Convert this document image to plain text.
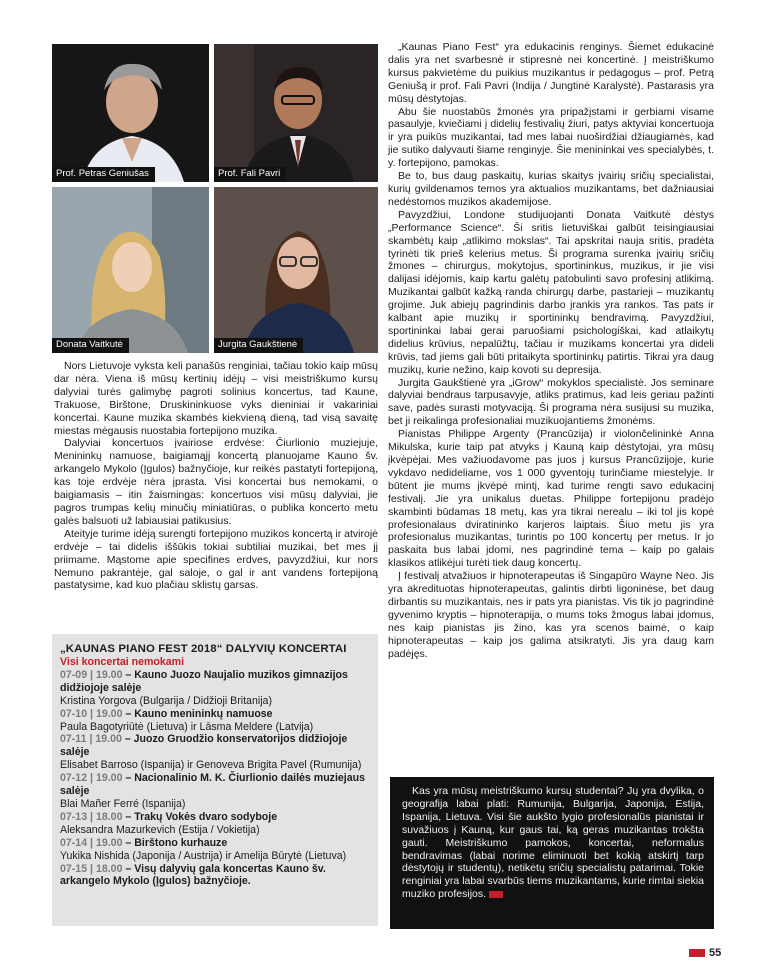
Prof. Petras Geniušas	Prof. Fali Pavri
Donata Vaitkutė	Jurgita Gaukštienė

Nors Lietuvoje vyksta keli panašūs renginiai, tačiau tokio kaip mūsų dar nėra. Viena iš mūsų kertinių idėjų – visi meistriškumo kursų dalyviai turės galimybę pagroti solinius koncertus, tad Kaune, Trakuose, Birštone, Druskininkuose vyks dieniniai ir vakariniai koncertai. Kaune muzika skambės kiekvieną dieną, tad visą savaitę miestas mėgausis nuostabia fortepijono muzika.

Dalyviai koncertuos įvairiose erdvėse: Čiurlionio muziejuje, Menininkų namuose, baigiamąjį koncertą planuojame Kauno šv. arkangelo Mykolo (Įgulos) bažnyčioje, kur reikės pastatyti fortepijoną, kas toje erdvėje nėra įprasta. Visi koncertai bus nemokami, o baigiamasis – itin žaismingas: koncertuos visi mūsų dalyviai, jie pagros trumpas kelių minučių miniatiūras, o publika koncerto metu galės balsuoti už labiausiai patikusius.

Ateityje turime idėją surengti fortepijono muzikos koncertą ir atvirojė erdvėje – tai didelis iššūkis tokiai subtiliai muzikai, bet mes jį priimame. Mąstome apie specifines erdves, pavyzdžiui, kur nors Nemuno pakrantėje, gal saloje, o gal ir ant vandens fortepijoną pastatysime, kad kuo plačiau sklistų garsas.

„KAUNAS PIANO FEST 2018“ DALYVIŲ KONCERTAI
Visi koncertai nemokami
07-09 | 19.00 – Kauno Juozo Naujalio muzikos gimnazijos didžiojoje salėje
Kristina Yorgova (Bulgarija / Didžioji Britanija)
07-10 | 19.00 – Kauno menininkų namuose
Paula Bagotyriūtė (Lietuva) ir Lāsma Meldere (Latvija)
07-11 | 19.00 – Juozo Gruodžio konservatorijos didžiojoje salėje
Elisabet Barroso (Ispanija) ir Genoveva Brigita Pavel (Rumunija)
07-12 | 19.00 – Nacionalinio M. K. Čiurlionio dailės muziejaus salėje
Blai Mañer Ferré (Ispanija)
07-13 | 18.00 – Trakų Vokės dvaro sodyboje
Aleksandra Mazurkevich (Estija / Vokietija)
07-14 | 19.00 – Birštono kurhauze
Yukika Nishida (Japonija / Austrija) ir Amelija Būrytė (Lietuva)
07-15 | 18.00 – Visų dalyvių gala koncertas Kauno šv. arkangelo Mykolo (Įgulos) bažnyčioje.

„Kaunas Piano Fest“ yra edukacinis renginys. Šiemet edukacinė dalis yra net svarbesnė ir stipresnė nei koncertinė. Į meistriškumo kursus pakvietėme du puikius muzikantus ir pedagogus – prof. Petrą Geniušą ir prof. Fali Pavri (Indija / Jungtinė Karalystė). Pastarasis yra mūsų dėstytojas.

Abu šie nuostabūs žmonės yra pripažįstami ir gerbiami visame pasaulyje, kviečiami į didelių festivalių žiuri, patys aktyviai koncertuoja ir yra puikūs muzikantai, tad mes labai nuoširdžiai džiaugiamės, kad jie sutiko dalyvauti šiame renginyje. Šie menininkai ves specialybės, t. y. fortepijono, pamokas.

Be to, bus daug paskaitų, kurias skaitys įvairių sričių specialistai, kurių gvildenamos temos yra aktualios muzikantams, bet dažniausiai nedėstomos muzikos akademijose.

Pavyzdžiui, Londone studijuojanti Donata Vaitkutė dėstys „Performance Science“. Ši sritis lietuviškai galbūt teisingiausiai skambėtų kaip „atlikimo mokslas“. Tai apskritai nauja sritis, pradėta tyrinėti tik prieš kelerius metus. Ši programa surenka įvairių sričių žmones – chirurgus, mokytojus, sportininkus, muzikus, ir jie visi dalijasi idėjomis, kaip kartu galėtų patobulinti savo profesinį atlikimą. Muzikantai galbūt kažką randa chirurgų darbe, pastarieji – muzikantų grojime. Juk abiejų pagrindinis darbo įrankis yra rankos. Tas pats ir kalbant apie muzikų ir sportininkų bendravimą. Pavyzdžiui, sportininkai labai gerai paruošiami psichologiškai, kad atlaikytų didelius krūvius, nepalūžtų, tačiau ir muzikams koncertai yra dideli krūvis, tad jiems gali būti pritaikyta sportininkų patirtis. Tikrai yra daug muzikų, kurie nežino, kaip kovoti su depresija.

Jurgita Gaukštienė yra „iGrow“ mokyklos specialistė. Jos seminare dalyviai bendraus tarpusavyje, atliks pratimus, kad leis geriau pažinti save, padės surasti motyvaciją. Ši programa nėra susijusi su muzika, bet ji reikalinga profesionaliai muzikuojantiems žmonėms.

Pianistas Philippe Argenty (Prancūzija) ir violončelininkė Anna Mikulska, kurie taip pat atvyks į Kauną kaip dėstytojai, yra mūsų įkvėpėjai. Mes važiuodavome pas juos į kursus Prancūzijoje, kurie vykdavo nedideliame, vos 1 000 gyventojų turinčiame miestelyje. Ir būtent jie mums įkvėpė mintį, kad turime rengti savo edukacinį festivalį. Jie yra unikalus duetas. Philippe fortepijonu pradėjo skambinti būdamas 18 metų, kas yra tikrai nerealu – iki tol jis kopė profesionalaus dviratininko karjeros laiptais. Šiuo metu jis yra profesionalus muzikantas, turintis po 100 koncertų per metus. Ir jo paskaita bus labai įdomi, nes pagrindinė tema – kaip po galais klasikos atlikėjui turėti tiek daug koncertų.

Į festivalį atvažiuos ir hipnoterapeutas iš Singapūro Wayne Neo. Jis yra akredituotas hipnoterapeutas, galintis dirbti ligoninėse, bet daug dirbantis su muzikantais, nes ir pats yra pianistas. Vis tik jo pagrindinė gyvenimo kryptis – hipnoterapija, o mums toks žmogus labai įdomus, nes kaip pianistas jis žino, kas yra scenos baimė, o kaip hipnoterapeutas – kaip jos galima atsikratyti. Jis yra daug kam padėjęs.

Kas yra mūsų meistriškumo kursų studentai? Jų yra dvylika, o geografija labai plati: Rumunija, Bulgarija, Japonija, Estija, Ispanija, Lietuva. Visi šie aukšto lygio profesionalūs pianistai ir suvažiuos į Kauną, kur gaus tai, ką geras muzikantas trokšta gauti. Meistriškumo pamokos, koncertai, neformalus bendravimas (labai norime eliminuoti bet kokią atskirtį tarp dėstytojų ir studentų), netikėtų sričių specialistų patarimai. Tokie renginiai yra labai svarbūs tiems muzikantams, kurie rimtai siekia muziko profesijos.

55
